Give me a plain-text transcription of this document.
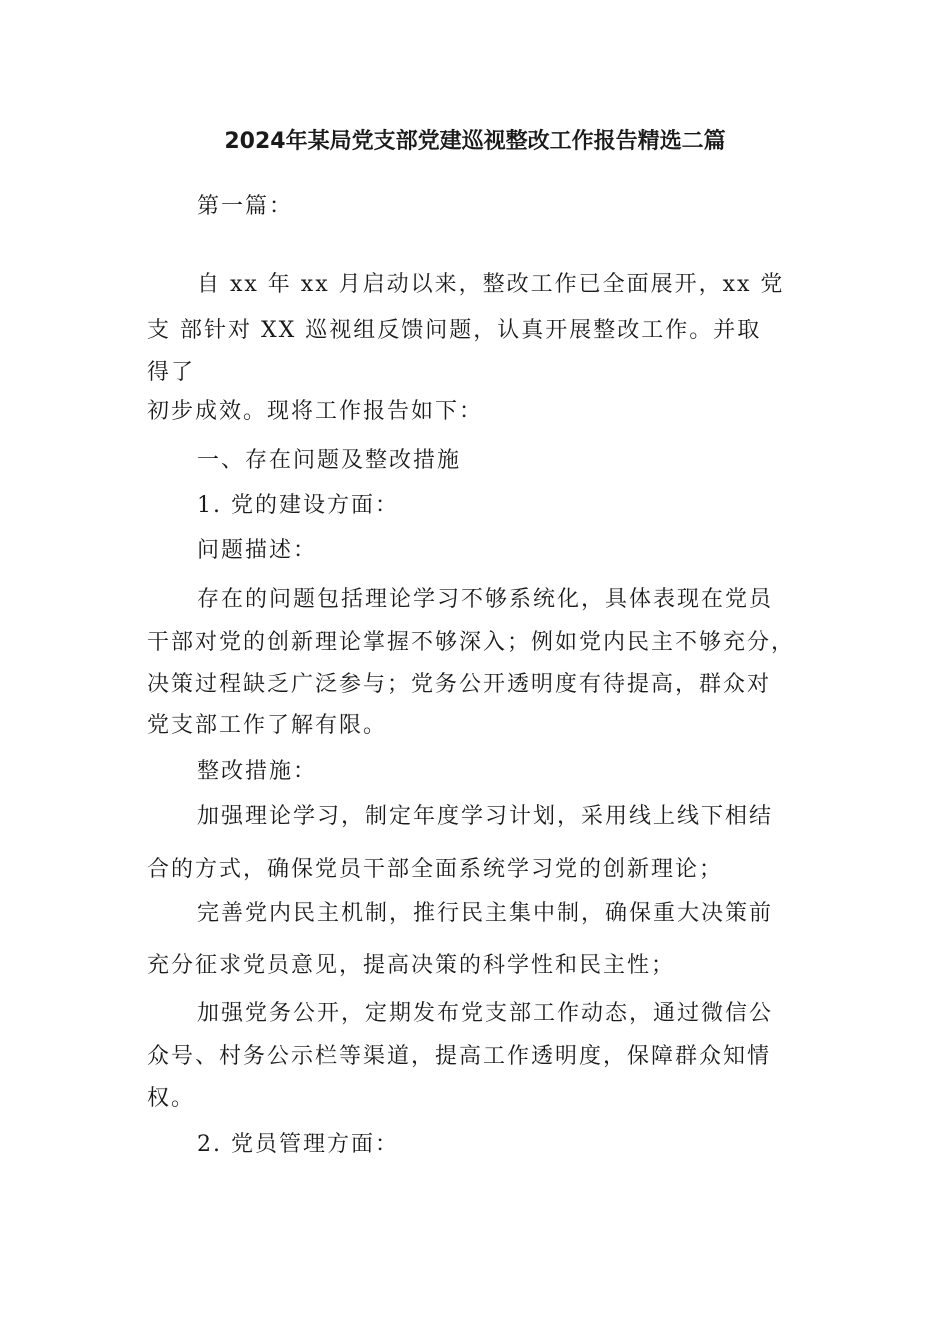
2024年某局党支部党建巡视整改工作报告精选二篇
第一篇：
自 xx 年 xx 月启动以来，整改工作已全面展开，xx 党
支 部针对 XX 巡视组反馈问题，认真开展整改工作。并取
得了
初步成效。现将工作报告如下：
一、存在问题及整改措施
1. 党的建设方面：
问题描述：
存在的问题包括理论学习不够系统化，具体表现在党员
干部对党的创新理论掌握不够深入；例如党内民主不够充分，
决策过程缺乏广泛参与；党务公开透明度有待提高，群众对
党支部工作了解有限。
整改措施：
加强理论学习，制定年度学习计划，采用线上线下相结
合的方式，确保党员干部全面系统学习党的创新理论；
完善党内民主机制，推行民主集中制，确保重大决策前
充分征求党员意见，提高决策的科学性和民主性；
加强党务公开，定期发布党支部工作动态，通过微信公
众号、村务公示栏等渠道，提高工作透明度，保障群众知情
权。
2. 党员管理方面：
